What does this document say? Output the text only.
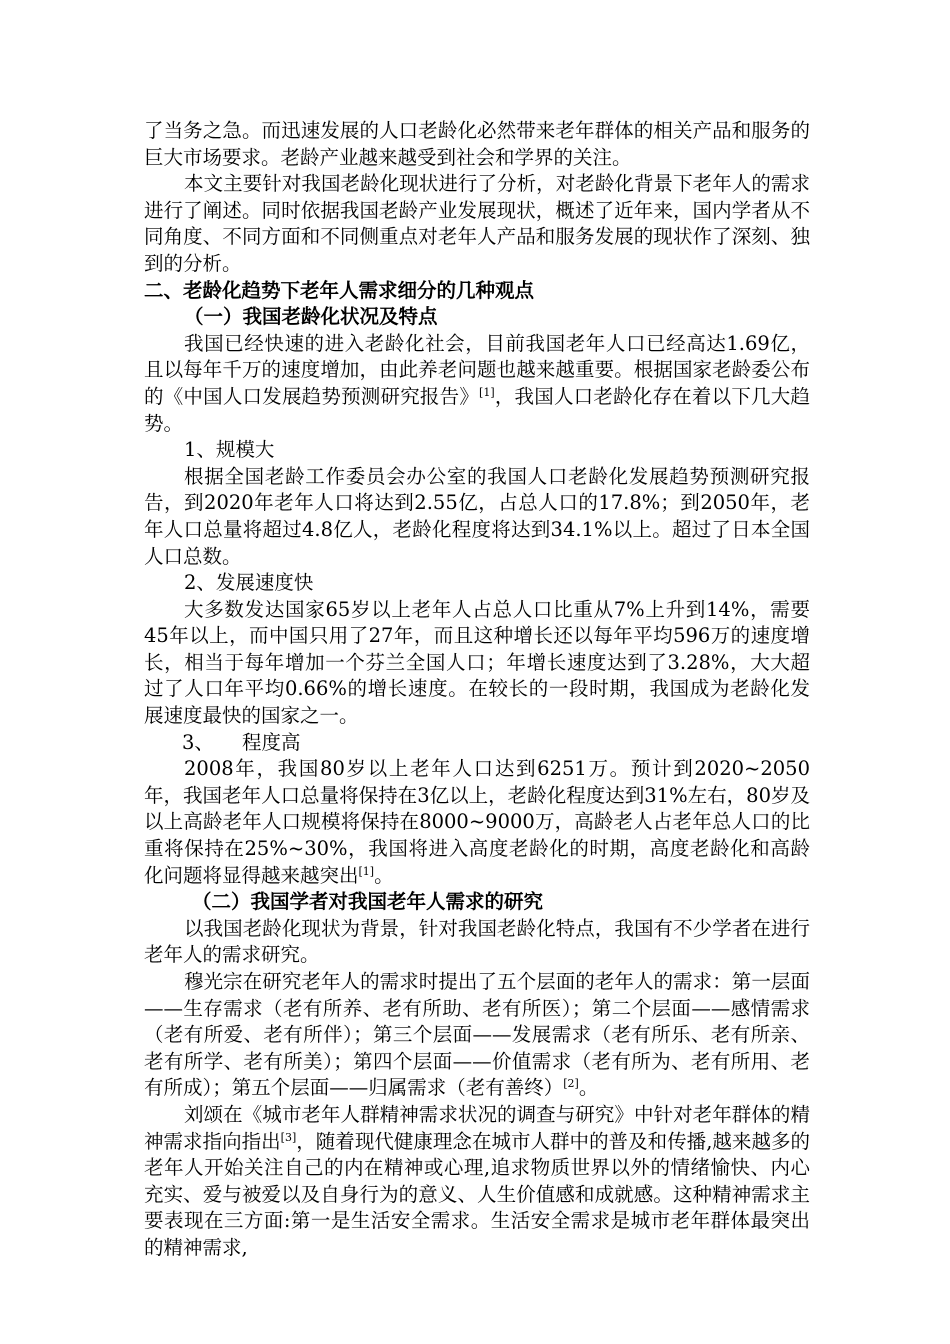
了当务之急。而迅速发展的人口老龄化必然带来老年群体的相关产品和服务的巨大市场要求。老龄产业越来越受到社会和学界的关注。

本文主要针对我国老龄化现状进行了分析，对老龄化背景下老年人的需求进行了阐述。同时依据我国老龄产业发展现状，概述了近年来，国内学者从不同角度、不同方面和不同侧重点对老年人产品和服务发展的现状作了深刻、独到的分析。

二、老龄化趋势下老年人需求细分的几种观点

（一）我国老龄化状况及特点

我国已经快速的进入老龄化社会，目前我国老年人口已经高达1.69亿，且以每年千万的速度增加，由此养老问题也越来越重要。根据国家老龄委公布的《中国人口发展趋势预测研究报告》[1]，我国人口老龄化存在着以下几大趋势。

1、规模大

根据全国老龄工作委员会办公室的我国人口老龄化发展趋势预测研究报告，到2020年老年人口将达到2.55亿，占总人口的17.8%；到2050年，老年人口总量将超过4.8亿人，老龄化程度将达到34.1%以上。超过了日本全国人口总数。

2、发展速度快

大多数发达国家65岁以上老年人占总人口比重从7%上升到14%，需要45年以上，而中国只用了27年，而且这种增长还以每年平均596万的速度增长，相当于每年增加一个芬兰全国人口；年增长速度达到了3.28%，大大超过了人口年平均0.66%的增长速度。在较长的一段时期，我国成为老龄化发展速度最快的国家之一。

3、 程度高

2008年，我国80岁以上老年人口达到6251万。预计到2020~2050年，我国老年人口总量将保持在3亿以上，老龄化程度达到31%左右，80岁及以上高龄老年人口规模将保持在8000~9000万，高龄老人占老年总人口的比重将保持在25%~30%，我国将进入高度老龄化的时期，高度老龄化和高龄化问题将显得越来越突出[1]。

（二）我国学者对我国老年人需求的研究

以我国老龄化现状为背景，针对我国老龄化特点，我国有不少学者在进行老年人的需求研究。

穆光宗在研究老年人的需求时提出了五个层面的老年人的需求：第一层面——生存需求（老有所养、老有所助、老有所医）；第二个层面——感情需求（老有所爱、老有所伴）；第三个层面——发展需求（老有所乐、老有所亲、老有所学、老有所美）；第四个层面——价值需求（老有所为、老有所用、老有所成）；第五个层面——归属需求（老有善终）[2]。

刘颂在《城市老年人群精神需求状况的调查与研究》中针对老年群体的精神需求指向指出[3]，随着现代健康理念在城市人群中的普及和传播,越来越多的老年人开始关注自己的内在精神或心理,追求物质世界以外的情绪愉快、内心充实、爱与被爱以及自身行为的意义、人生价值感和成就感。这种精神需求主要表现在三方面:第一是生活安全需求。生活安全需求是城市老年群体最突出的精神需求,
